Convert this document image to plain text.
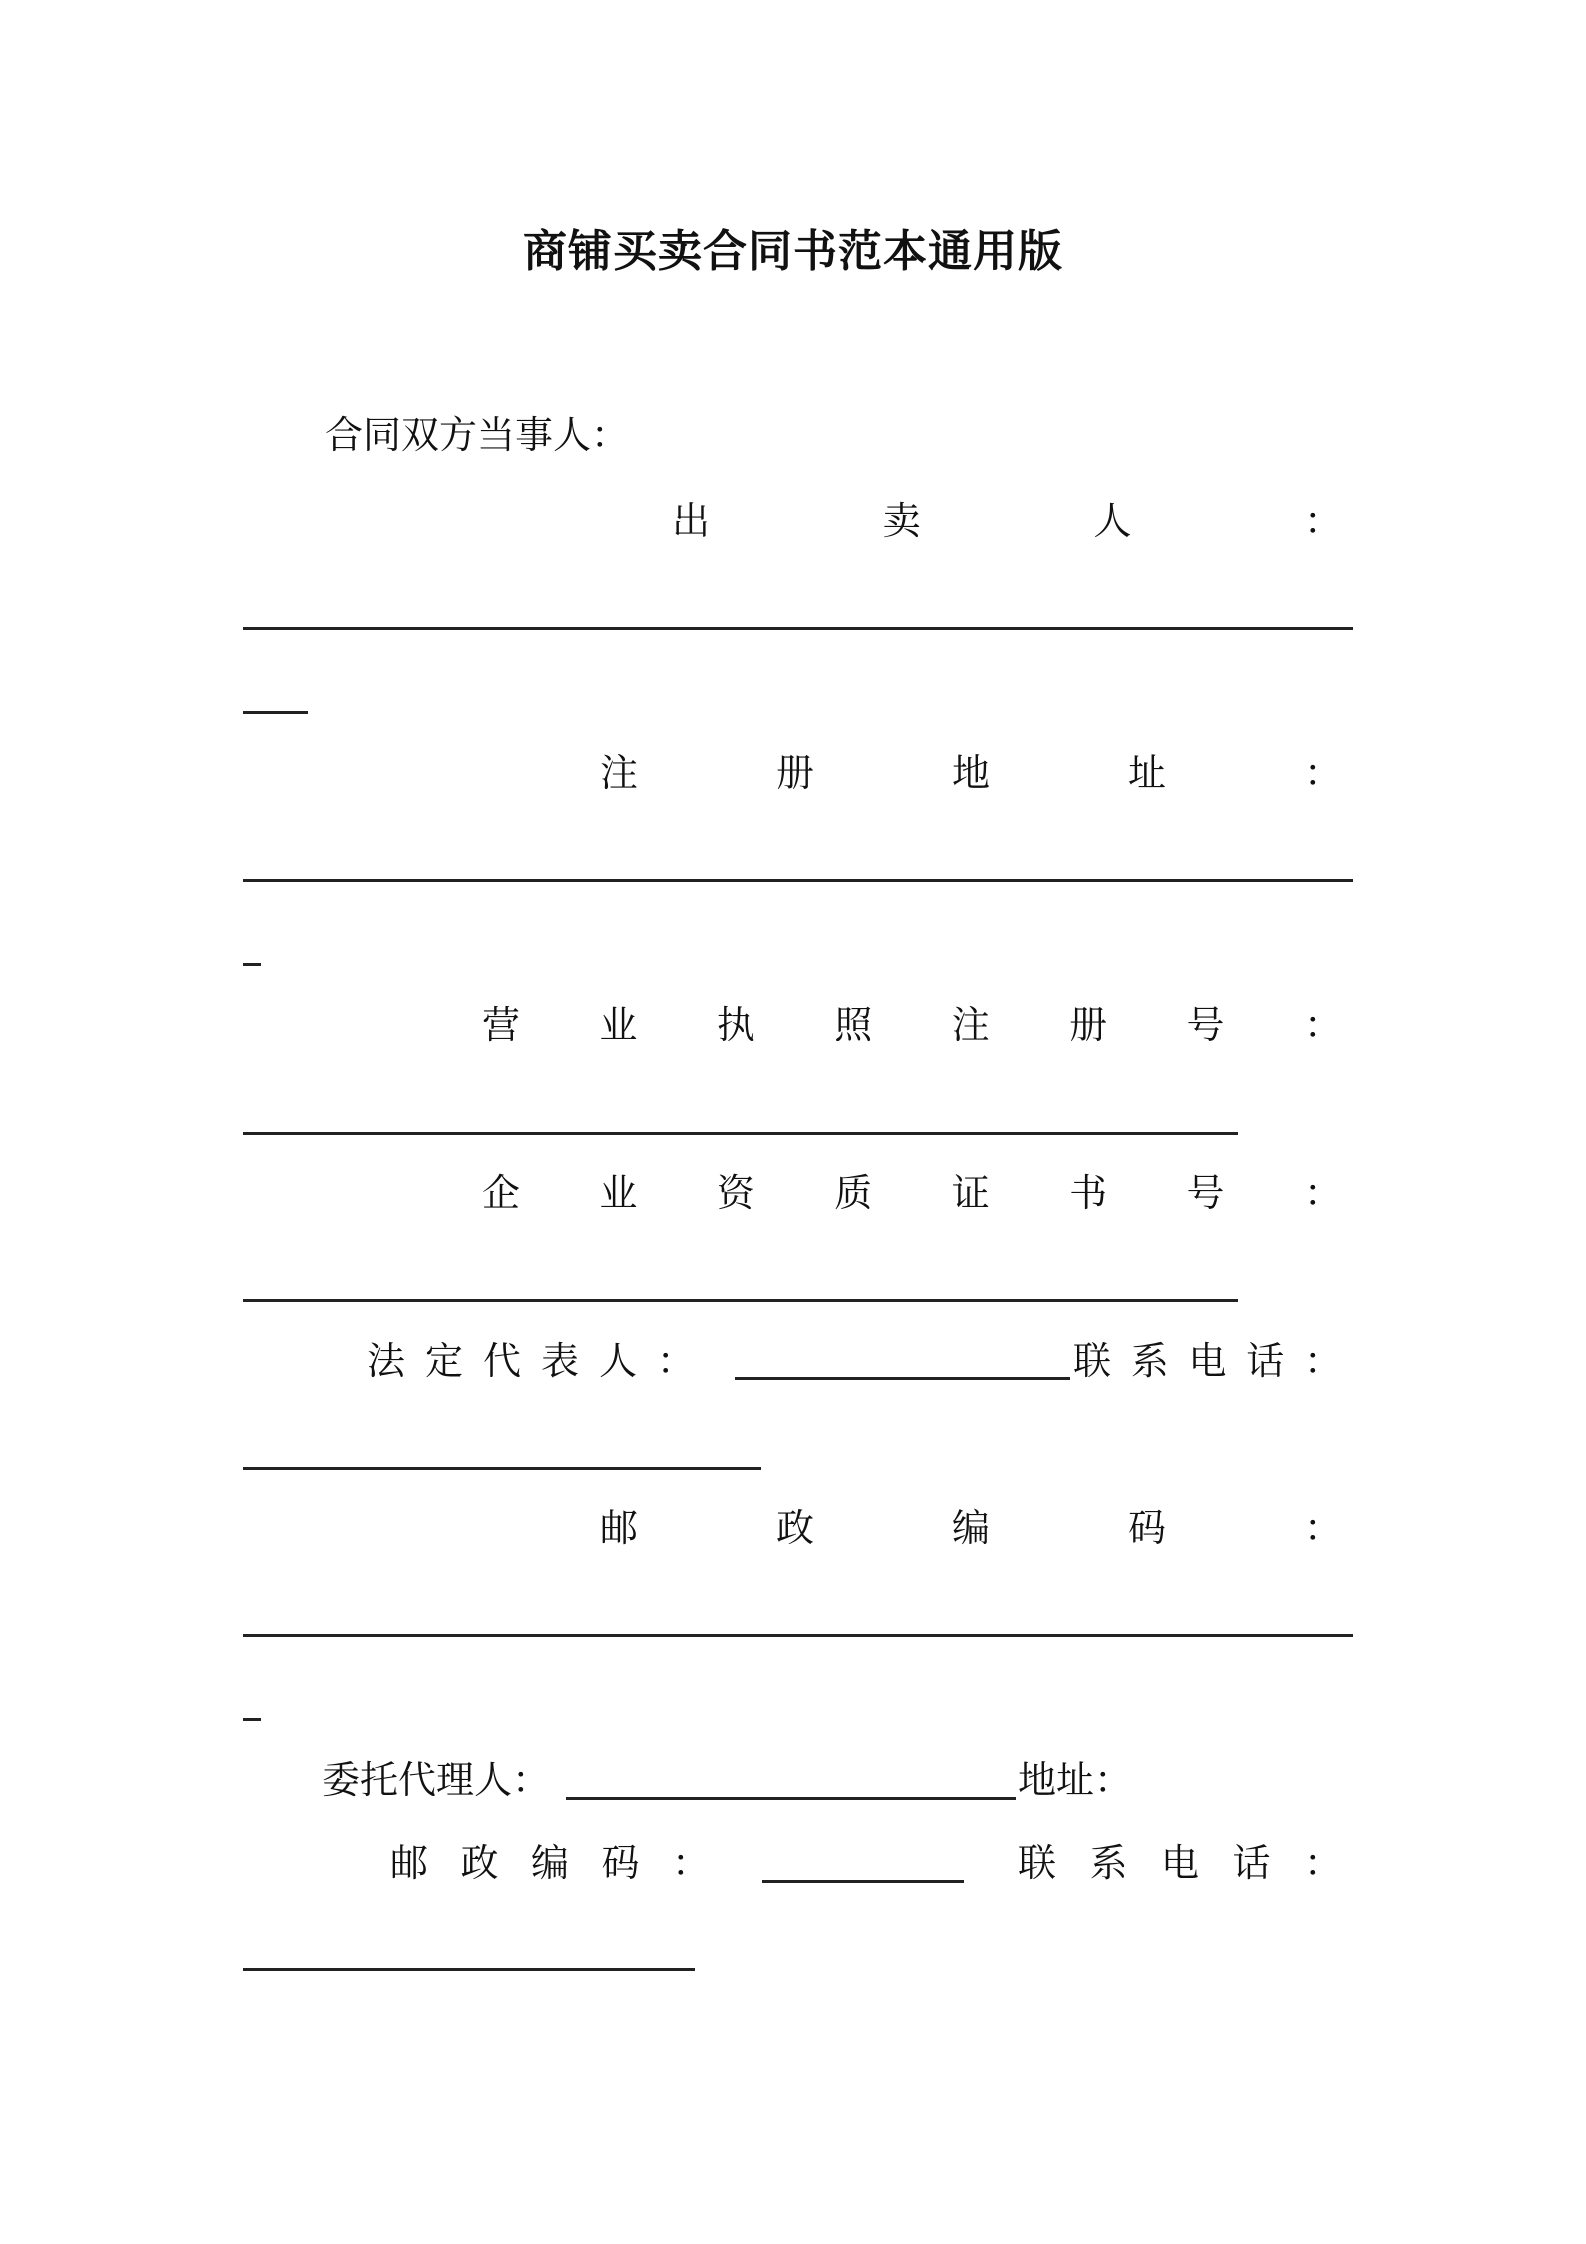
商铺买卖合同书范本通用版
合同双方当事人：
出	卖	人	：
注	册	地	址	：
营 业 执 照 注 册 号 ：
企 业 资 质 证 书 号 ：
法 定 代 表 人 ：	联 系 电 话 ：
邮	政	编	码	：
委托代理人：	地址：
邮 政 编 码 ：	联 系 电 话 ：
